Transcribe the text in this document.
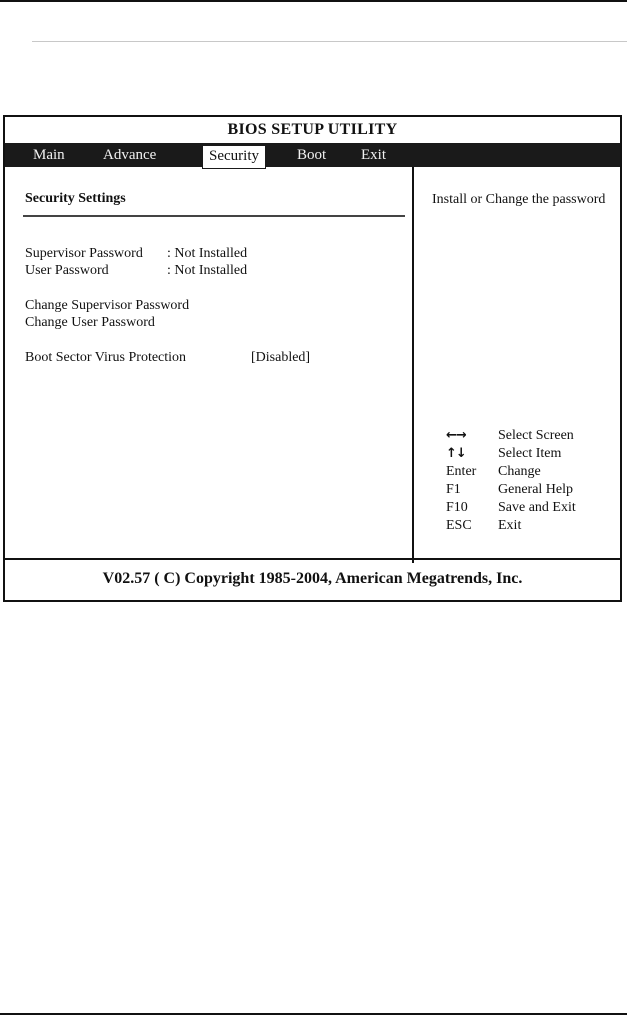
BIOS SETUP UTILITY
Main	Advance	Security	Boot Exit
Security Settings
Supervisor Password : Not Installed
User Password	: Not Installed
Change Supervisor Password
Change User Password
Boot Sector Virus Protection	[Disabled]
Install or Change the password
←→	Select Screen
↑↓	Select Item
Enter	Change
F1	General Help
F10	Save and Exit
ESC	Exit
V02.57 ( C) Copyright 1985-2004, American Megatrends, Inc.
